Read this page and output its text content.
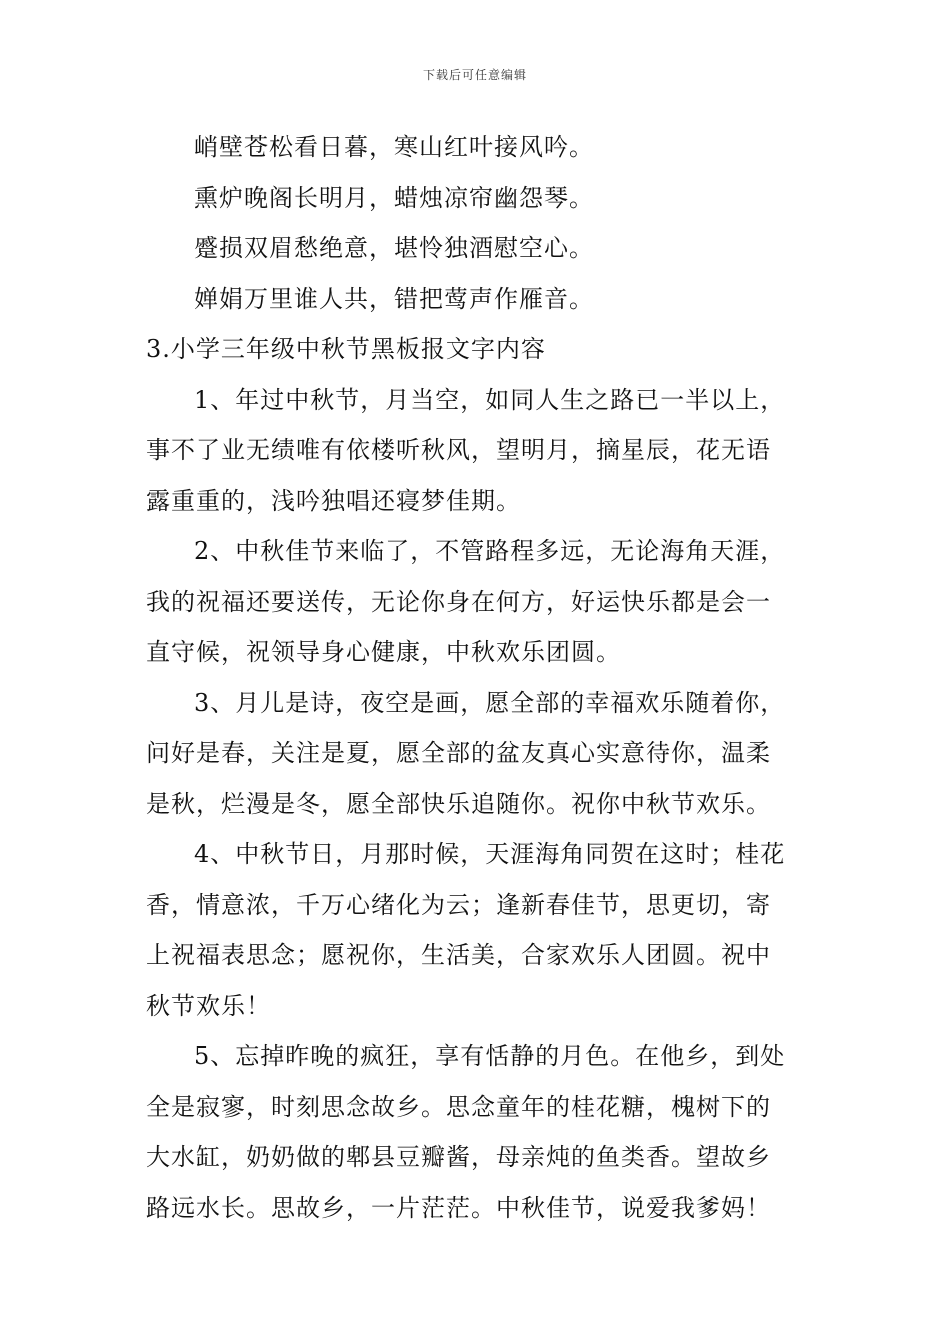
下载后可任意编辑
峭壁苍松看日暮，寒山红叶接风吟。
熏炉晚阁长明月，蜡烛凉帘幽怨琴。
蹙损双眉愁绝意，堪怜独酒慰空心。
婵娟万里谁人共，错把莺声作雁音。
3.小学三年级中秋节黑板报文字内容
1、年过中秋节，月当空，如同人生之路已一半以上，
事不了业无绩唯有依楼听秋风，望明月，摘星辰，花无语
露重重的，浅吟独唱还寝梦佳期。
2、中秋佳节来临了，不管路程多远，无论海角天涯，
我的祝福还要送传，无论你身在何方，好运快乐都是会一
直守候，祝领导身心健康，中秋欢乐团圆。
3、月儿是诗，夜空是画，愿全部的幸福欢乐随着你，
问好是春，关注是夏，愿全部的盆友真心实意待你，温柔
是秋，烂漫是冬，愿全部快乐追随你。祝你中秋节欢乐。
4、中秋节日，月那时候，天涯海角同贺在这时；桂花
香，情意浓，千万心绪化为云；逢新春佳节，思更切，寄
上祝福表思念；愿祝你，生活美，合家欢乐人团圆。祝中
秋节欢乐！
5、忘掉昨晚的疯狂，享有恬静的月色。在他乡，到处
全是寂寥，时刻思念故乡。思念童年的桂花糖，槐树下的
大水缸，奶奶做的郫县豆瓣酱，母亲炖的鱼类香。望故乡
路远水长。思故乡，一片茫茫。中秋佳节，说爱我爹妈！
